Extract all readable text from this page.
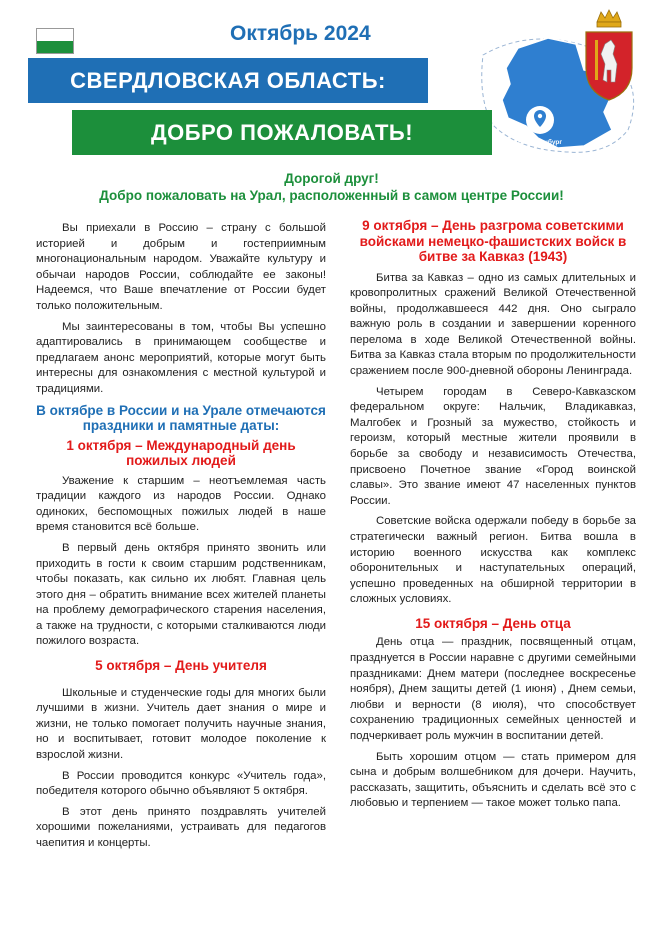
Октябрь 2024
Екатеринбург
СВЕРДЛОВСКАЯ ОБЛАСТЬ:
ДОБРО ПОЖАЛОВАТЬ!
Дорогой друг!
Добро пожаловать на Урал, расположенный в самом центре России!

Вы приехали в Россию – страну с большой историей и добрым и гостеприимным многонациональным народом. Уважайте культуру и обычаи народов России, соблюдайте ее законы! Надеемся, что Ваше впечатление от России будет только положительным.

Мы заинтересованы в том, чтобы Вы успешно адаптировались в принимающем сообществе и предлагаем анонс мероприятий, которые могут быть интересны для ознакомления с местной культурой и традициями.

В октябре в России и на Урале отмечаются праздники и памятные даты:
1 октября – Международный день пожилых людей

Уважение к старшим – неотъемлемая часть традиции каждого из народов России. Однако одиноких, беспомощных пожилых людей в наше время становится всё больше.

В первый день октября принято звонить или приходить в гости к своим старшим родственникам, чтобы показать, как сильно их любят. Главная цель этого дня – обратить внимание всех жителей планеты на проблему демографического старения населения, а также на трудности, с которыми сталкиваются люди пожилого возраста.

5 октября – День учителя

Школьные и студенческие годы для многих были лучшими в жизни. Учитель дает знания о мире и жизни, не только помогает получить научные знания, но и воспитывает, готовит молодое поколение к взрослой жизни.

В России проводится конкурс «Учитель года», победителя которого обычно объявляют 5 октября.

В этот день принято поздравлять учителей хорошими пожеланиями, устраивать для педагогов чаепития и концерты.

9 октября – День разгрома советскими войсками немецко-фашистских войск в битве за Кавказ (1943)

Битва за Кавказ – одно из самых длительных и кровопролитных сражений Великой Отечественной войны, продолжавшееся 442 дня. Оно сыграло важную роль в создании и завершении коренного перелома в ходе Великой Отечественной войны. Битва за Кавказ стала вторым по продолжительности сражением после 900-дневной обороны Ленинграда.

Четырем городам в Северо-Кавказском федеральном округе: Нальчик, Владикавказ, Малгобек и Грозный за мужество, стойкость и героизм, который местные жители проявили в борьбе за свободу и независимость Отечества, присвоено Почетное звание «Город воинской славы». Это звание имеют 47 населенных пунктов России.

Советские войска одержали победу в борьбе за стратегически важный регион. Битва вошла в историю военного искусства как комплекс оборонительных и наступательных операций, успешно проведенных на обширной территории в сложных условиях.

15 октября – День отца

День отца — праздник, посвященный отцам, празднуется в России наравне с другими семейными праздниками: Днем матери (последнее воскресенье ноября), Днем защиты детей (1 июня) , Днем семьи, любви и верности (8 июля), что способствует сохранению традиционных семейных ценностей и подчеркивает роль мужчин в воспитании детей.

Быть хорошим отцом — стать примером для сына и добрым волшебником для дочери. Научить, рассказать, защитить, объяснить и сделать всё это с любовью и терпением — такое может только папа.
